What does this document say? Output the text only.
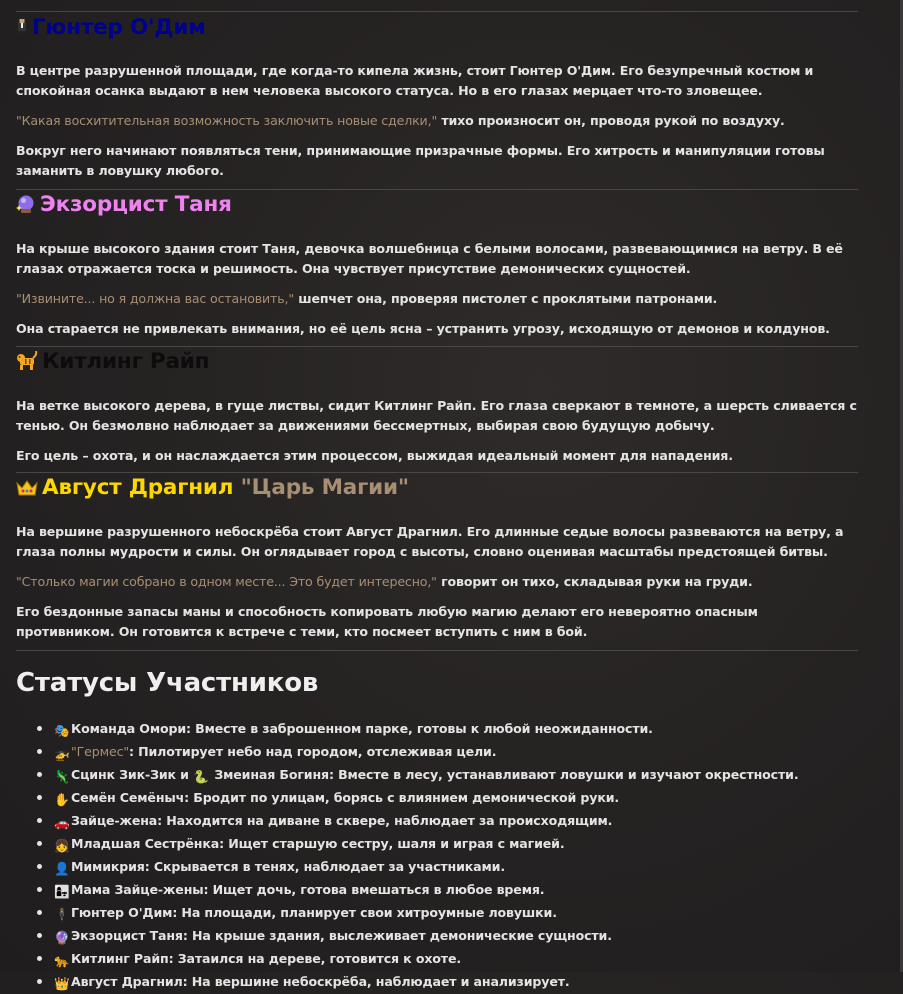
Гюнтер О'Дим

В центре разрушенной площади, где когда-то кипела жизнь, стоит Гюнтер О'Дим. Его безупречный костюм и спокойная осанка выдают в нем человека высокого статуса. Но в его глазах мерцает что-то зловещее.

"Какая восхитительная возможность заключить новые сделки," тихо произносит он, проводя рукой по воздуху.

Вокруг него начинают появляться тени, принимающие призрачные формы. Его хитрость и манипуляции готовы заманить в ловушку любого.

Экзорцист Таня

На крыше высокого здания стоит Таня, девочка волшебница с белыми волосами, развевающимися на ветру. В её глазах отражается тоска и решимость. Она чувствует присутствие демонических сущностей.

"Извините... но я должна вас остановить," шепчет она, проверяя пистолет с проклятыми патронами.

Она старается не привлекать внимания, но её цель ясна – устранить угрозу, исходящую от демонов и колдунов.

Китлинг Райп

На ветке высокого дерева, в гуще листвы, сидит Китлинг Райп. Его глаза сверкают в темноте, а шерсть сливается с тенью. Он безмолвно наблюдает за движениями бессмертных, выбирая свою будущую добычу.

Его цель – охота, и он наслаждается этим процессом, выжидая идеальный момент для нападения.

Август Драгнил "Царь Магии"

На вершине разрушенного небоскрёба стоит Август Драгнил. Его длинные седые волосы развеваются на ветру, а глаза полны мудрости и силы. Он оглядывает город с высоты, словно оценивая масштабы предстоящей битвы.

"Столько магии собрано в одном месте... Это будет интересно," говорит он тихо, складывая руки на груди.

Его бездонные запасы маны и способность копировать любую магию делают его невероятно опасным противником. Он готовится к встрече с теми, кто посмеет вступить с ним в бой.

Статусы Участников
🎭Команда Омори: Вместе в заброшенном парке, готовы к любой неожиданности.
🚁"Гермес": Пилотирует небо над городом, отслеживая цели.
🦎Сцинк Зик-Зик и 🐍 Змеиная Богиня: Вместе в лесу, устанавливают ловушки и изучают окрестности.
✋Семён Семёныч: Бродит по улицам, борясь с влиянием демонической руки.
🚗Зайце-жена: Находится на диване в сквере, наблюдает за происходящим.
👧Младшая Сестрёнка: Ищет старшую сестру, шаля и играя с магией.
👤Мимикрия: Скрывается в тенях, наблюдает за участниками.
👩‍👧Мама Зайце-жены: Ищет дочь, готова вмешаться в любое время.
🕴Гюнтер О'Дим: На площади, планирует свои хитроумные ловушки.
🔮Экзорцист Таня: На крыше здания, выслеживает демонические сущности.
🐆Китлинг Райп: Затаился на дереве, готовится к охоте.
👑Август Драгнил: На вершине небоскрёба, наблюдает и анализирует.
